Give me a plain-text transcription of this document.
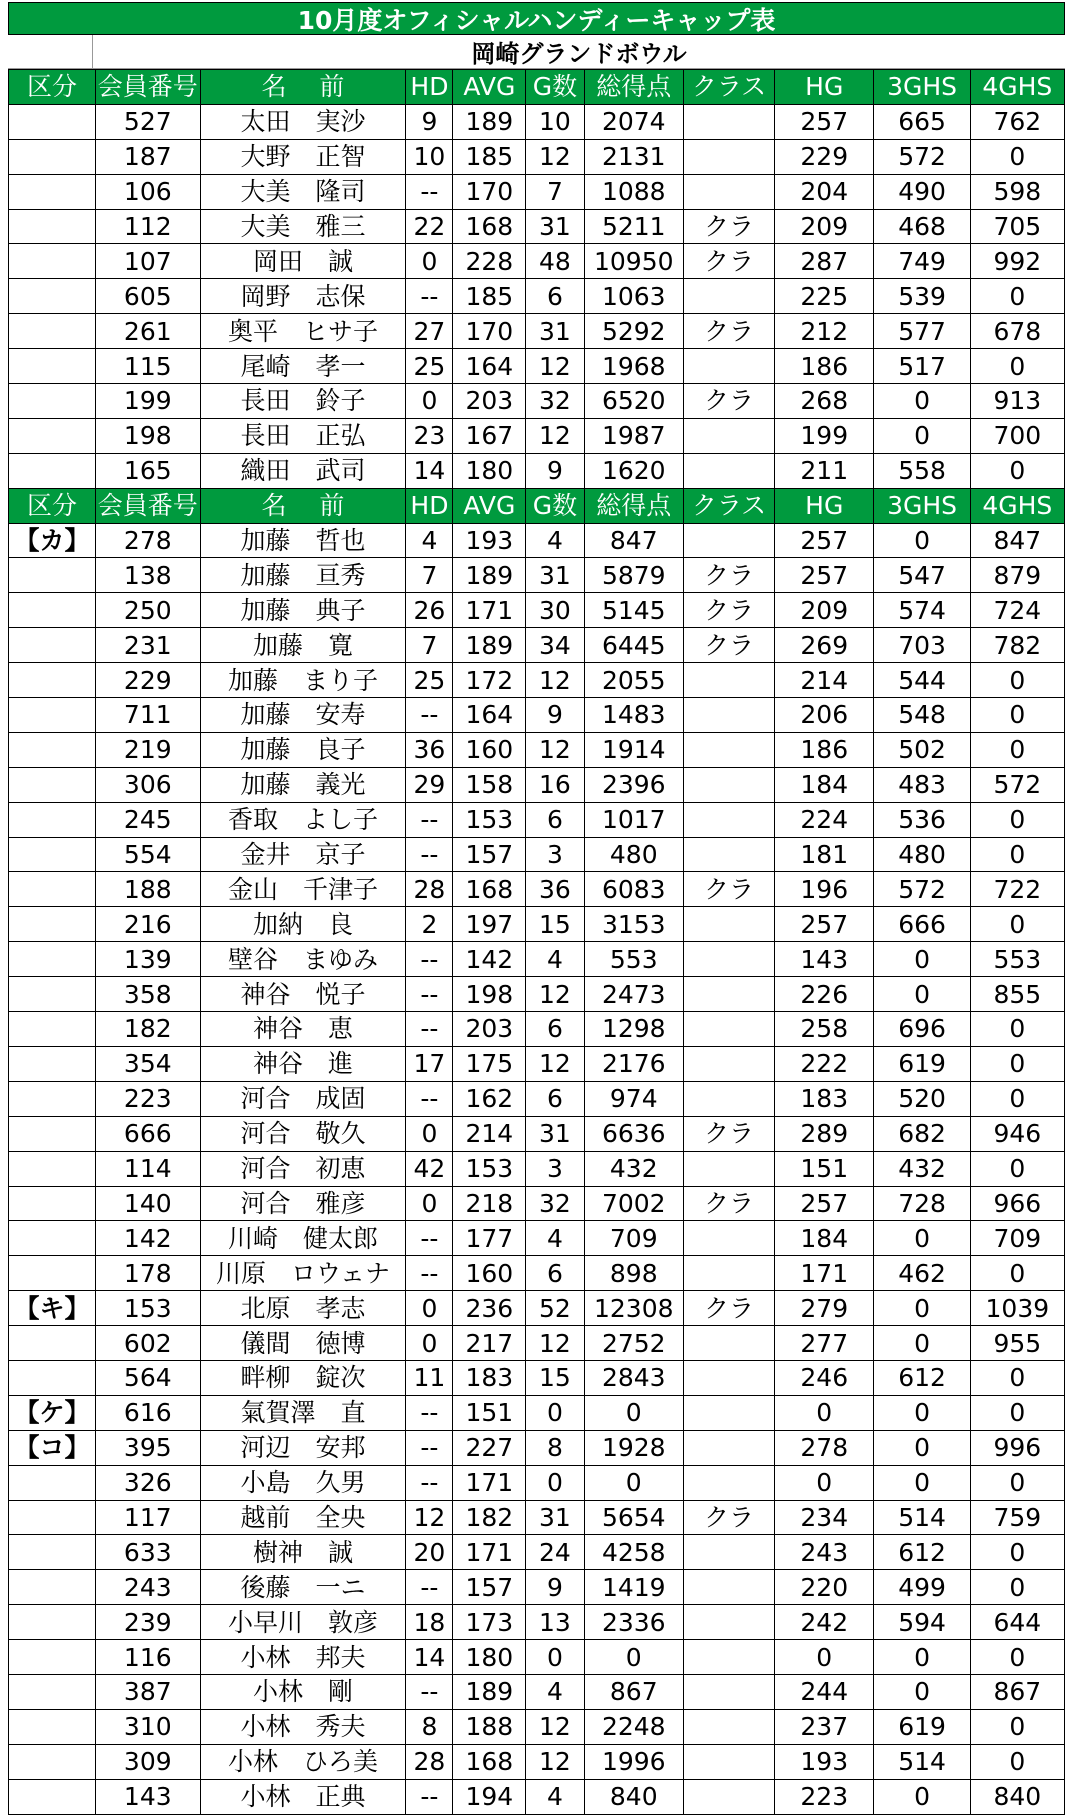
10月度オフィシャルハンディーキャップ表
岡崎グランドボウル
区分	会員番号	名　 前	HD	AVG	G数	総得点	クラス	HG	3GHS	4GHS
	527	太田　実沙	9	189	10	2074		257	665	762
	187	大野　正智	10	185	12	2131		229	572	0
	106	大美　隆司	--	170	7	1088		204	490	598
	112	大美　雅三	22	168	31	5211	クラ	209	468	705
	107	岡田　誠	0	228	48	10950	クラ	287	749	992
	605	岡野　志保	--	185	6	1063		225	539	0
	261	奥平　ヒサ子	27	170	31	5292	クラ	212	577	678
	115	尾崎　孝一	25	164	12	1968		186	517	0
	199	長田　鈴子	0	203	32	6520	クラ	268	0	913
	198	長田　正弘	23	167	12	1987		199	0	700
	165	織田　武司	14	180	9	1620		211	558	0
区分	会員番号	名　 前	HD	AVG	G数	総得点	クラス	HG	3GHS	4GHS
【カ】	278	加藤　哲也	4	193	4	847		257	0	847
	138	加藤　亘秀	7	189	31	5879	クラ	257	547	879
	250	加藤　典子	26	171	30	5145	クラ	209	574	724
	231	加藤　寛	7	189	34	6445	クラ	269	703	782
	229	加藤　まり子	25	172	12	2055		214	544	0
	711	加藤　安寿	--	164	9	1483		206	548	0
	219	加藤　良子	36	160	12	1914		186	502	0
	306	加藤　義光	29	158	16	2396		184	483	572
	245	香取　よし子	--	153	6	1017		224	536	0
	554	金井　京子	--	157	3	480		181	480	0
	188	金山　千津子	28	168	36	6083	クラ	196	572	722
	216	加納　良	2	197	15	3153		257	666	0
	139	壁谷　まゆみ	--	142	4	553		143	0	553
	358	神谷　悦子	--	198	12	2473		226	0	855
	182	神谷　恵	--	203	6	1298		258	696	0
	354	神谷　進	17	175	12	2176		222	619	0
	223	河合　成固	--	162	6	974		183	520	0
	666	河合　敬久	0	214	31	6636	クラ	289	682	946
	114	河合　初恵	42	153	3	432		151	432	0
	140	河合　雅彦	0	218	32	7002	クラ	257	728	966
	142	川崎　健太郎	--	177	4	709		184	0	709
	178	川原　ロウェナ	--	160	6	898		171	462	0
【キ】	153	北原　孝志	0	236	52	12308	クラ	279	0	1039
	602	儀間　徳博	0	217	12	2752		277	0	955
	564	畔柳　錠次	11	183	15	2843		246	612	0
【ケ】	616	氣賀澤　直	--	151	0	0		0	0	0
【コ】	395	河辺　安邦	--	227	8	1928		278	0	996
	326	小島　久男	--	171	0	0		0	0	0
	117	越前　全央	12	182	31	5654	クラ	234	514	759
	633	樹神　誠	20	171	24	4258		243	612	0
	243	後藤　一ニ	--	157	9	1419		220	499	0
	239	小早川　敦彦	18	173	13	2336		242	594	644
	116	小林　邦夫	14	180	0	0		0	0	0
	387	小林　剛	--	189	4	867		244	0	867
	310	小林　秀夫	8	188	12	2248		237	619	0
	309	小林　ひろ美	28	168	12	1996		193	514	0
	143	小林　正典	--	194	4	840		223	0	840
